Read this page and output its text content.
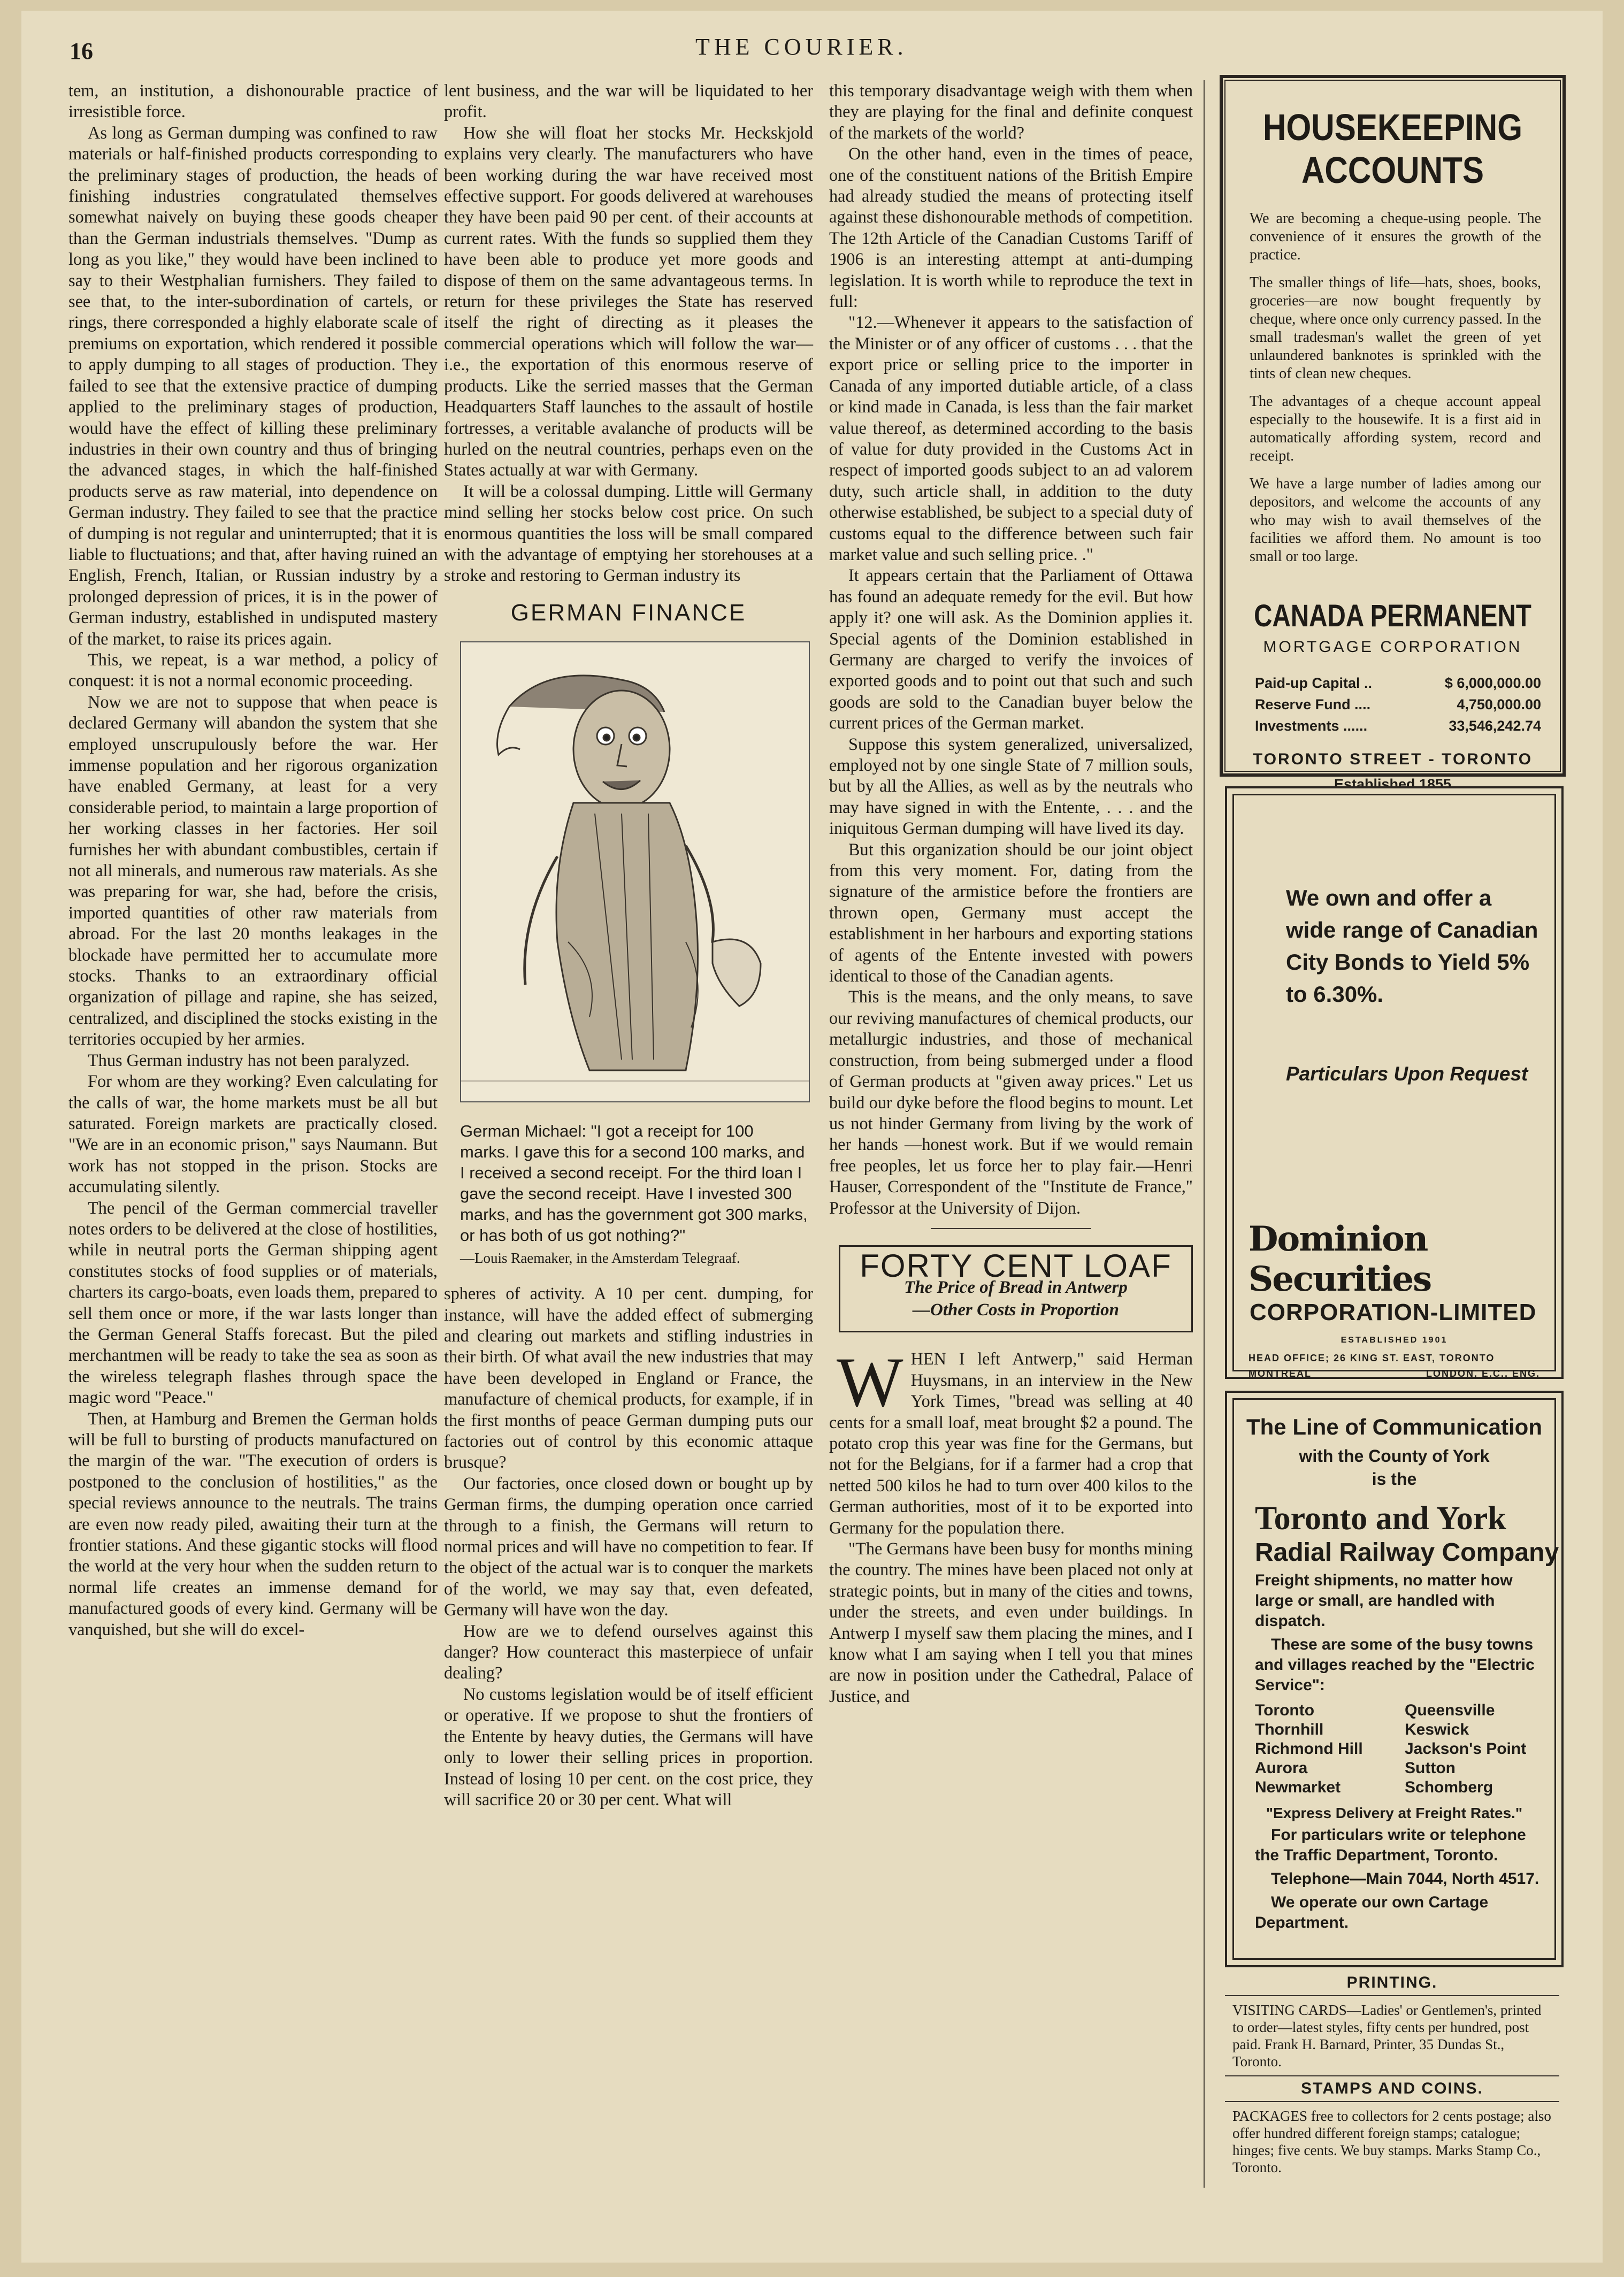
16	THE COURIER.

tem, an institution, a dishonourable practice of irresistible force.

As long as German dumping was confined to raw materials or half-finished products corresponding to the preliminary stages of production, the heads of finishing industries congratulated themselves somewhat naively on buying these goods cheaper than the German industrials themselves. "Dump as long as you like," they would have been inclined to say to their Westphalian furnishers. They failed to see that, to the inter-subordination of cartels, or rings, there corresponded a highly elaborate scale of premiums on exportation, which rendered it possible to apply dumping to all stages of production. They failed to see that the extensive practice of dumping applied to the preliminary stages of production, would have the effect of killing these preliminary industries in their own country and thus of bringing the advanced stages, in which the half-finished products serve as raw material, into dependence on German industry. They failed to see that the practice of dumping is not regular and uninterrupted; that it is liable to fluctuations; and that, after having ruined an English, French, Italian, or Russian industry by a prolonged depression of prices, it is in the power of German industry, established in undisputed mastery of the market, to raise its prices again.

This, we repeat, is a war method, a policy of conquest: it is not a normal economic proceeding.

Now we are not to suppose that when peace is declared Germany will abandon the system that she employed unscrupulously before the war. Her immense population and her rigorous organization have enabled Germany, at least for a very considerable period, to maintain a large proportion of her working classes in her factories. Her soil furnishes her with abundant combustibles, certain if not all minerals, and numerous raw materials. As she was preparing for war, she had, before the crisis, imported quantities of other raw materials from abroad. For the last 20 months leakages in the blockade have permitted her to accumulate more stocks. Thanks to an extraordinary official organization of pillage and rapine, she has seized, centralized, and disciplined the stocks existing in the territories occupied by her armies.

Thus German industry has not been paralyzed.

For whom are they working? Even calculating for the calls of war, the home markets must be all but saturated. Foreign markets are practically closed. "We are in an economic prison," says Naumann. But work has not stopped in the prison. Stocks are accumulating silently.

The pencil of the German commercial traveller notes orders to be delivered at the close of hostilities, while in neutral ports the German shipping agent constitutes stocks of food supplies or of materials, charters its cargo-boats, even loads them, prepared to sell them once or more, if the war lasts longer than the German General Staffs forecast. But the piled merchantmen will be ready to take the sea as soon as the wireless telegraph flashes through space the magic word "Peace."

Then, at Hamburg and Bremen the German holds will be full to bursting of products manufactured on the margin of the war. "The execution of orders is postponed to the conclusion of hostilities," as the special reviews announce to the neutrals. The trains are even now ready piled, awaiting their turn at the frontier stations. And these gigantic stocks will flood the world at the very hour when the sudden return to normal life creates an immense demand for manufactured goods of every kind. Germany will be vanquished, but she will do excel-

lent business, and the war will be liquidated to her profit.

How she will float her stocks Mr. Heckskjold explains very clearly. The manufacturers who have been working during the war have received most effective support. For goods delivered at warehouses they have been paid 90 per cent. of their accounts at current rates. With the funds so supplied them they have been able to produce yet more goods and dispose of them on the same advantageous terms. In return for these privileges the State has reserved itself the right of directing as it pleases the commercial operations which will follow the war—i.e., the exportation of this enormous reserve of products. Like the serried masses that the German Headquarters Staff launches to the assault of hostile fortresses, a veritable avalanche of products will be hurled on the neutral countries, perhaps even on the States actually at war with Germany.

It will be a colossal dumping. Little will Germany mind selling her stocks below cost price. On such enormous quantities the loss will be small compared with the advantage of emptying her storehouses at a stroke and restoring to German industry its

GERMAN FINANCE
German Michael: "I got a receipt for 100 marks. I gave this for a second 100 marks, and I received a second receipt. For the third loan I gave the second receipt. Have I invested 300 marks, and has the government got 300 marks, or has both of us got nothing?"
—Louis Raemaker, in the Amsterdam Telegraaf.

spheres of activity. A 10 per cent. dumping, for instance, will have the added effect of submerging and clearing out markets and stifling industries in their birth. Of what avail the new industries that may have been developed in England or France, the manufacture of chemical products, for example, if in the first months of peace German dumping puts our factories out of control by this economic attaque brusque?

Our factories, once closed down or bought up by German firms, the dumping operation once carried through to a finish, the Germans will return to normal prices and will have no competition to fear. If the object of the actual war is to conquer the markets of the world, we may say that, even defeated, Germany will have won the day.

How are we to defend ourselves against this danger? How counteract this masterpiece of unfair dealing?

No customs legislation would be of itself efficient or operative. If we propose to shut the frontiers of the Entente by heavy duties, the Germans will have only to lower their selling prices in proportion. Instead of losing 10 per cent. on the cost price, they will sacrifice 20 or 30 per cent. What will

this temporary disadvantage weigh with them when they are playing for the final and definite conquest of the markets of the world?

On the other hand, even in the times of peace, one of the constituent nations of the British Empire had already studied the means of protecting itself against these dishonourable methods of competition. The 12th Article of the Canadian Customs Tariff of 1906 is an interesting attempt at anti-dumping legislation. It is worth while to reproduce the text in full:

"12.—Whenever it appears to the satisfaction of the Minister or of any officer of customs . . . that the export price or selling price to the importer in Canada of any imported dutiable article, of a class or kind made in Canada, is less than the fair market value thereof, as determined according to the basis of value for duty provided in the Customs Act in respect of imported goods subject to an ad valorem duty, such article shall, in addition to the duty otherwise established, be subject to a special duty of customs equal to the difference between such fair market value and such selling price. ."

It appears certain that the Parliament of Ottawa has found an adequate remedy for the evil. But how apply it? one will ask. As the Dominion applies it. Special agents of the Dominion established in Germany are charged to verify the invoices of exported goods and to point out that such and such goods are sold to the Canadian buyer below the current prices of the German market.

Suppose this system generalized, universalized, employed not by one single State of 7 million souls, but by all the Allies, as well as by the neutrals who may have signed in with the Entente, . . . and the iniquitous German dumping will have lived its day.

But this organization should be our joint object from this very moment. For, dating from the signature of the armistice before the frontiers are thrown open, Germany must accept the establishment in her harbours and exporting stations of agents of the Entente invested with powers identical to those of the Canadian agents.

This is the means, and the only means, to save our reviving manufactures of chemical products, our metallurgic industries, and those of mechanical construction, from being submerged under a flood of German products at "given away prices." Let us build our dyke before the flood begins to mount. Let us not hinder Germany from living by the work of her hands —honest work. But if we would remain free peoples, let us force her to play fair.—Henri Hauser, Correspondent of the "Institute de France," Professor at the University of Dijon.

FORTY CENT LOAF
The Price of Bread in Antwerp
—Other Costs in Proportion

WHEN I left Antwerp," said Herman Huysmans, in an interview in the New York Times, "bread was selling at 40 cents for a small loaf, meat brought $2 a pound. The potato crop this year was fine for the Germans, but not for the Belgians, for if a farmer had a crop that netted 500 kilos he had to turn over 400 kilos to the German authorities, most of it to be exported into Germany for the population there.

"The Germans have been busy for months mining the country. The mines have been placed not only at strategic points, but in many of the cities and towns, under the streets, and even under buildings. In Antwerp I myself saw them placing the mines, and I know what I am saying when I tell you that mines are now in position under the Cathedral, Palace of Justice, and

HOUSEKEEPING
ACCOUNTS
We are becoming a cheque-using people. The convenience of it ensures the growth of the practice.
The smaller things of life—hats, shoes, books, groceries—are now bought frequently by cheque, where once only currency passed. In the small tradesman's wallet the green of yet unlaundered banknotes is sprinkled with the tints of clean new cheques.
The advantages of a cheque account appeal especially to the housewife. It is a first aid in automatically affording system, record and receipt.
We have a large number of ladies among our depositors, and welcome the accounts of any who may wish to avail themselves of the facilities we afford them. No amount is too small or too large.
CANADA PERMANENT
MORTGAGE CORPORATION
Paid-up Capital ..	$ 6,000,000.00
Reserve Fund ....	4,750,000.00
Investments ......	33,546,242.74
TORONTO STREET - TORONTO
Established 1855
We own and offer a wide range of Canadian City Bonds to Yield 5% to 6.30%.
Particulars Upon Request
Dominion Securities
CORPORATION-LIMITED
ESTABLISHED 1901
HEAD OFFICE; 26 KING ST. EAST, TORONTO
MONTREAL	LONDON, E.C., ENG.
The Line of Communication
with the County of York
is the
Toronto and York
Radial Railway Company
Freight shipments, no matter how large or small, are handled with dispatch.
These are some of the busy towns and villages reached by the "Electric Service":
Toronto	Queensville
Thornhill	Keswick
Richmond Hill	Jackson's Point
Aurora	Sutton
Newmarket	Schomberg
"Express Delivery at Freight Rates."
For particulars write or telephone the Traffic Department, Toronto.
Telephone—Main 7044, North 4517.
We operate our own Cartage Department.
PRINTING.
VISITING CARDS—Ladies' or Gentlemen's, printed to order—latest styles, fifty cents per hundred, post paid. Frank H. Barnard, Printer, 35 Dundas St., Toronto.
STAMPS AND COINS.
PACKAGES free to collectors for 2 cents postage; also offer hundred different foreign stamps; catalogue; hinges; five cents. We buy stamps. Marks Stamp Co., Toronto.
